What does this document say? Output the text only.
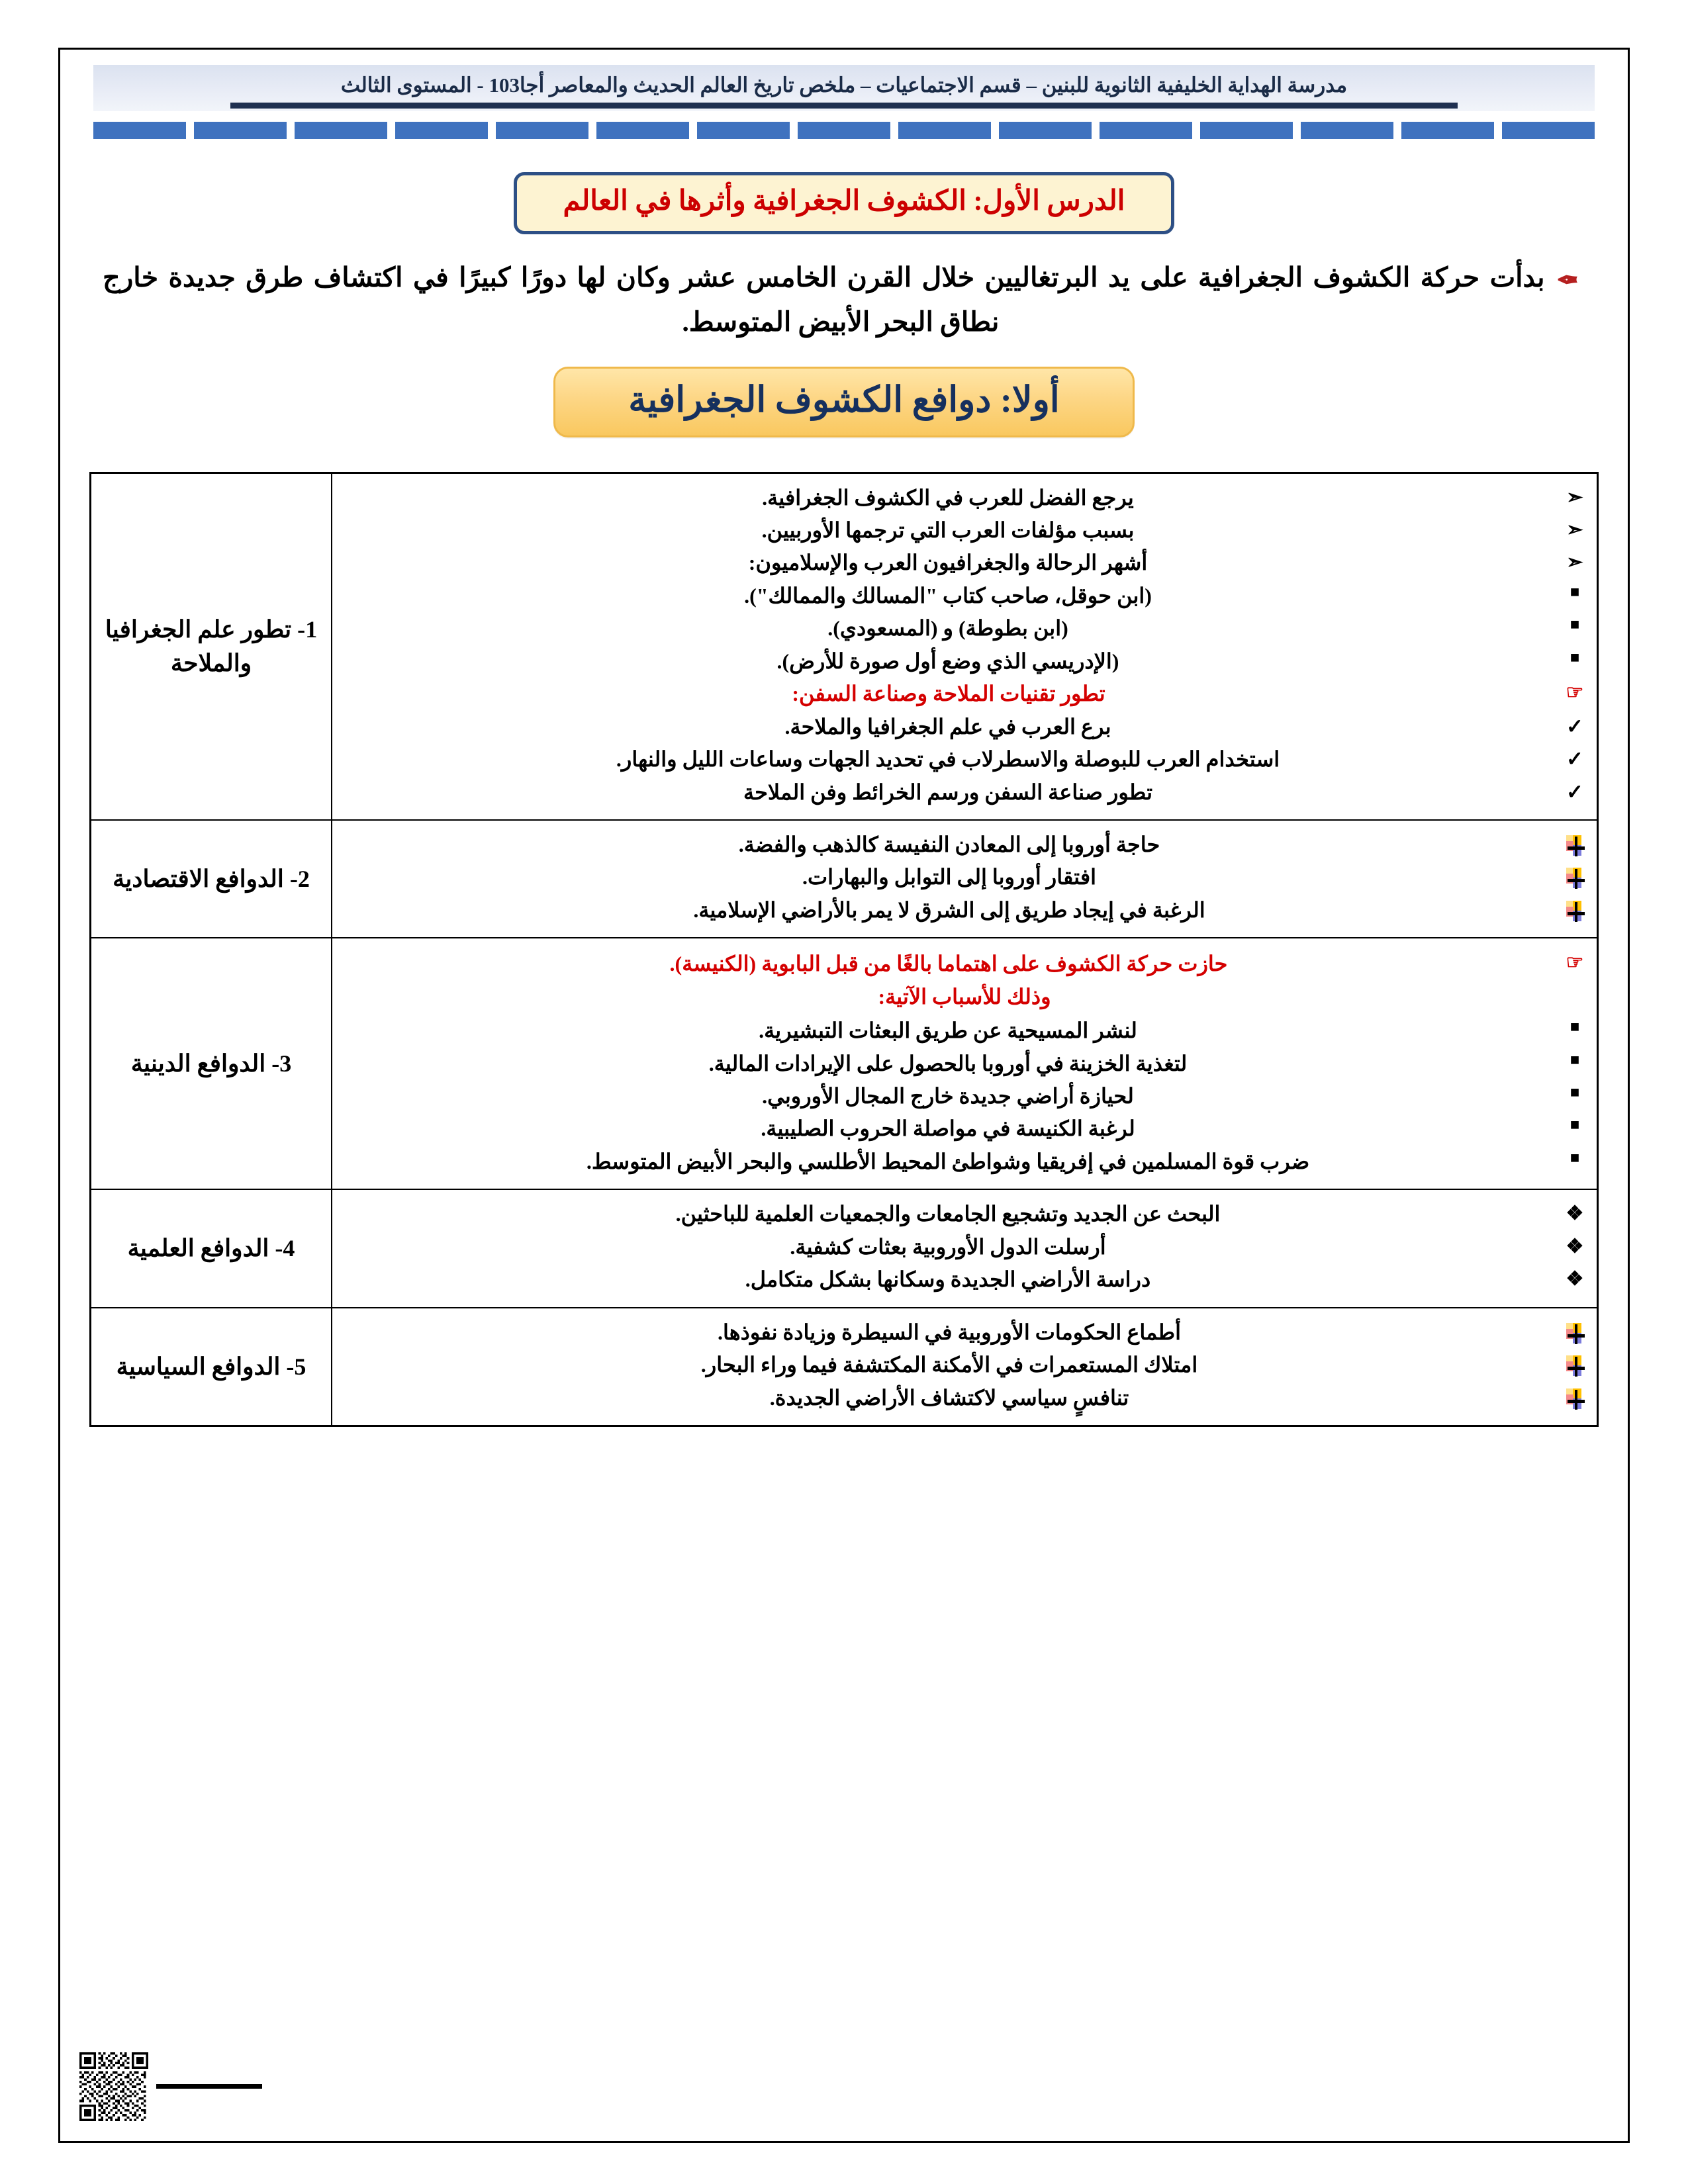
مدرسة الهداية الخليفية الثانوية للبنين – قسم الاجتماعيات – ملخص تاريخ العالم الحديث والمعاصر أجا103 - المستوى الثالث
الدرس الأول: الكشوف الجغرافية وأثرها في العالم
✒بدأت حركة الكشوف الجغرافية على يد البرتغاليين خلال القرن الخامس عشر وكان لها دورًا كبيرًا في اكتشاف طرق جديدة خارج نطاق البحر الأبيض المتوسط.
أولا: دوافع الكشوف الجغرافية
➣
يرجع الفضل للعرب في الكشوف الجغرافية.
➣
بسبب مؤلفات العرب التي ترجمها الأوربيين.
➣
أشهر الرحالة والجغرافيون العرب والإسلاميون:
■
(ابن حوقل، صاحب كتاب "المسالك والممالك").
■
(ابن بطوطة) و (المسعودي).
■
(الإدريسي الذي وضع أول صورة للأرض).
☞
تطور تقنيات الملاحة وصناعة السفن:
✓
برع العرب في علم الجغرافيا والملاحة.
✓
استخدام العرب للبوصلة والاسطرلاب في تحديد الجهات وساعات الليل والنهار.
✓
تطور صناعة السفن ورسم الخرائط وفن الملاحة
	1- تطور علم الجغرافيا والملاحة

حاجة أوروبا إلى المعادن النفيسة كالذهب والفضة.
افتقار أوروبا إلى التوابل والبهارات.
الرغبة في إيجاد طريق إلى الشرق لا يمر بالأراضي الإسلامية.
	2- الدوافع الاقتصادية

☞
حازت حركة الكشوف على اهتماما بالغًا من قبل البابوية (الكنيسة).
وذلك للأسباب الآتية:
■
لنشر المسيحية عن طريق البعثات التبشيرية.
■
لتغذية الخزينة في أوروبا بالحصول على الإيرادات المالية.
■
لحيازة أراضي جديدة خارج المجال الأوروبي.
■
لرغبة الكنيسة في مواصلة الحروب الصليبية.
■
ضرب قوة المسلمين في إفريقيا وشواطئ المحيط الأطلسي والبحر الأبيض المتوسط.
	3- الدوافع الدينية

❖
البحث عن الجديد وتشجيع الجامعات والجمعيات العلمية للباحثين.
❖
أرسلت الدول الأوروبية بعثات كشفية.
❖
دراسة الأراضي الجديدة وسكانها بشكل متكامل.
	4- الدوافع العلمية

أطماع الحكومات الأوروبية في السيطرة وزيادة نفوذها.
امتلاك المستعمرات في الأمكنة المكتشفة فيما وراء البحار.
تنافسٍ سياسي لاكتشاف الأراضي الجديدة.
	5- الدوافع السياسية
